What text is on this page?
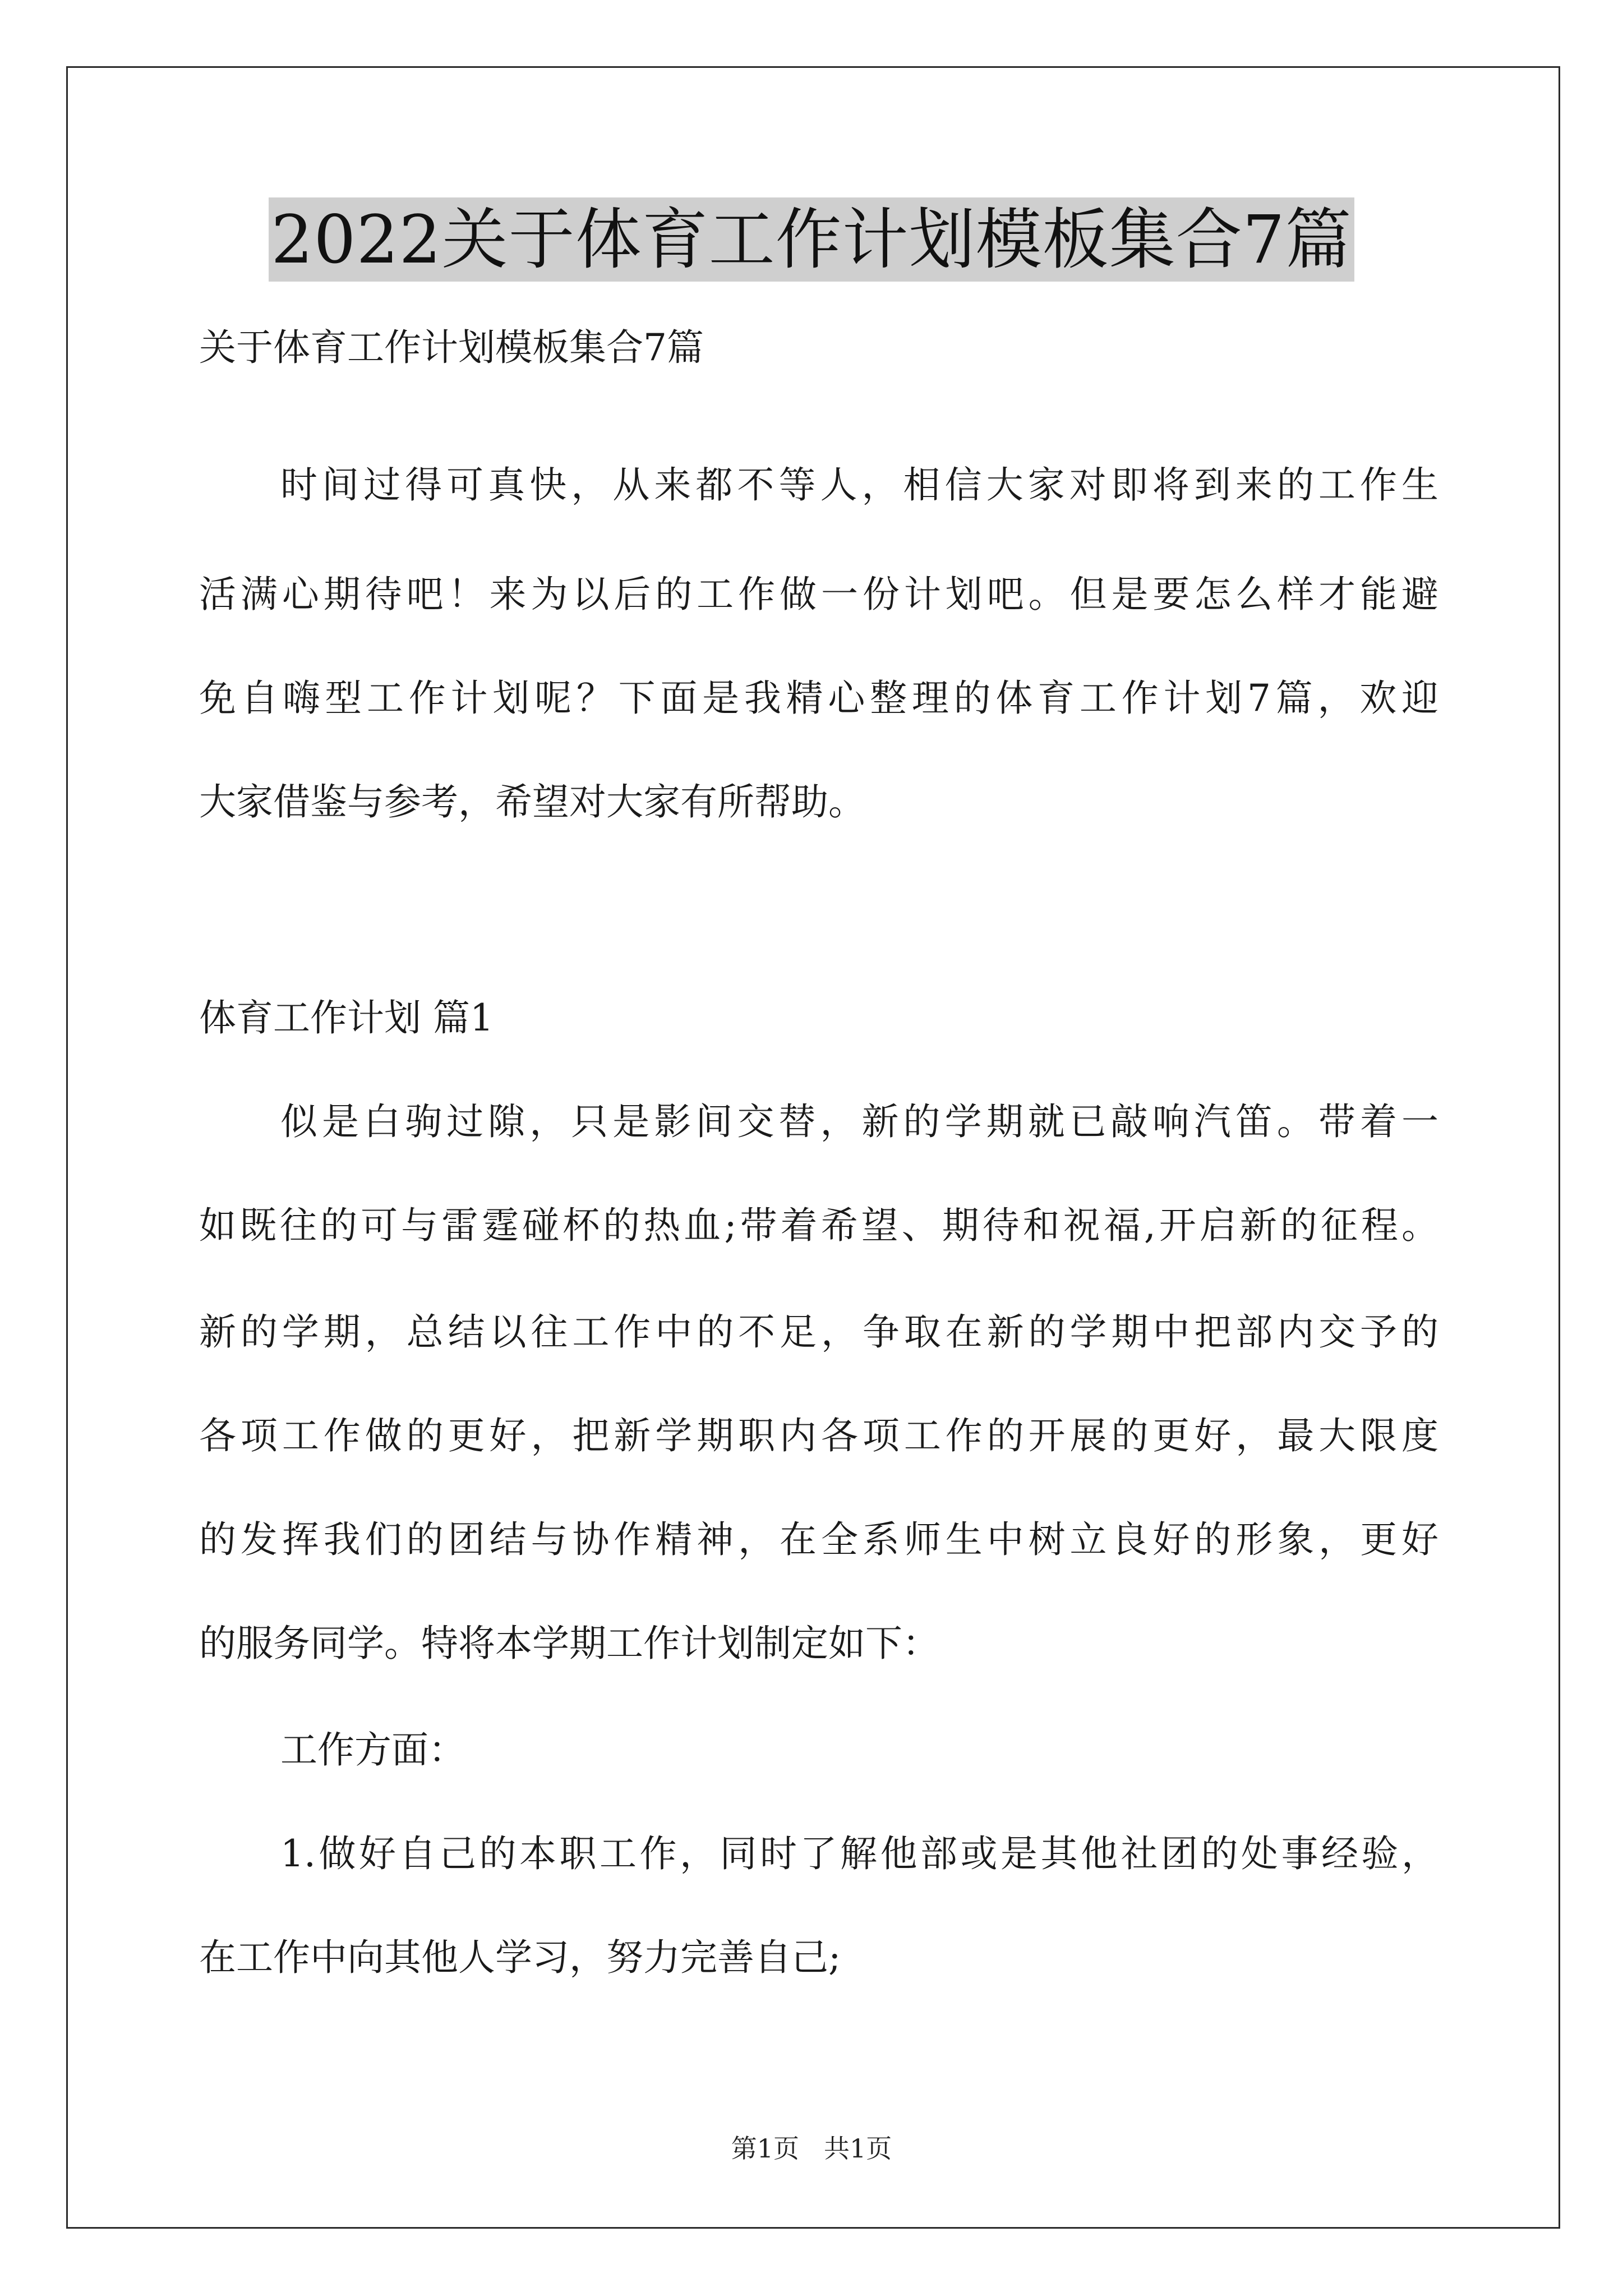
2022关于体育工作计划模板集合7篇
关于体育工作计划模板集合7篇
时间过得可真快，从来都不等人，相信大家对即将到来的工作生
活满心期待吧！来为以后的工作做一份计划吧。但是要怎么样才能避
免自嗨型工作计划呢？下面是我精心整理的体育工作计划7篇，欢迎
大家借鉴与参考，希望对大家有所帮助。
体育工作计划 篇1
似是白驹过隙，只是影间交替，新的学期就已敲响汽笛。带着一
如既往的可与雷霆碰杯的热血;带着希望、期待和祝福,开启新的征程。
新的学期，总结以往工作中的不足，争取在新的学期中把部内交予的
各项工作做的更好，把新学期职内各项工作的开展的更好，最大限度
的发挥我们的团结与协作精神，在全系师生中树立良好的形象，更好
的服务同学。特将本学期工作计划制定如下：
工作方面：
1.做好自己的本职工作，同时了解他部或是其他社团的处事经验，
在工作中向其他人学习，努力完善自己;
第1页 共1页
